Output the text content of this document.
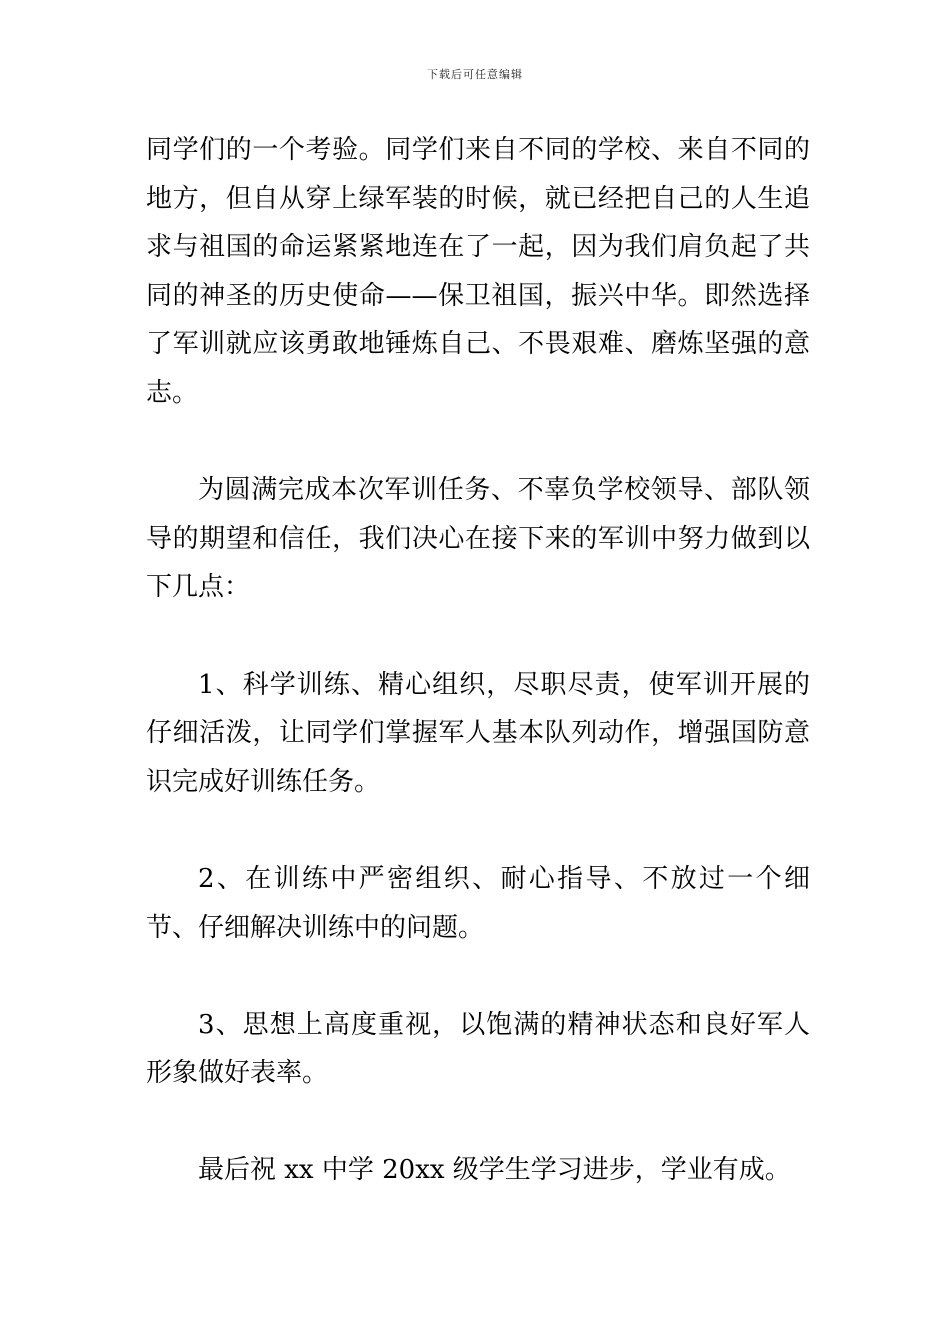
下载后可任意编辑

同学们的一个考验。同学们来自不同的学校、来自不同的地方，但自从穿上绿军装的时候，就已经把自己的人生追求与祖国的命运紧紧地连在了一起，因为我们肩负起了共同的神圣的历史使命——保卫祖国，振兴中华。即然选择了军训就应该勇敢地锤炼自己、不畏艰难、磨炼坚强的意志。

为圆满完成本次军训任务、不辜负学校领导、部队领导的期望和信任，我们决心在接下来的军训中努力做到以下几点：

1、科学训练、精心组织，尽职尽责，使军训开展的仔细活泼，让同学们掌握军人基本队列动作，增强国防意识完成好训练任务。

2、在训练中严密组织、耐心指导、不放过一个细节、仔细解决训练中的问题。

3、思想上高度重视，以饱满的精神状态和良好军人形象做好表率。

最后祝 xx 中学 20xx 级学生学习进步，学业有成。
